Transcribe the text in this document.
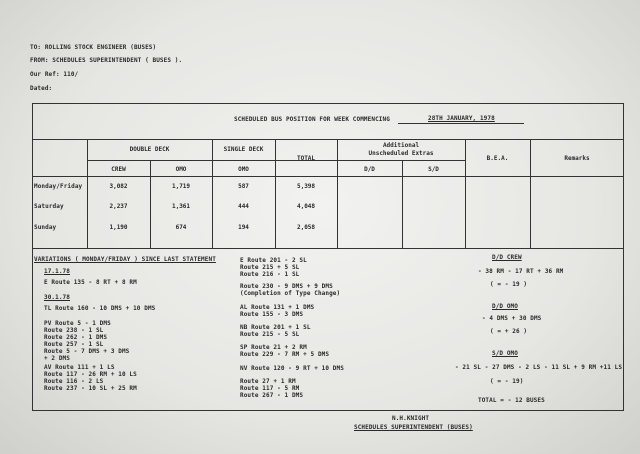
TO: ROLLING STOCK ENGINEER (BUSES)
FROM: SCHEDULES SUPERINTENDENT ( BUSES ).
Our Ref: 110/
Dated:
SCHEDULED BUS POSITION FOR WEEK COMMENCING	28TH JANUARY, 1978
DOUBLE DECK	SINGLE DECK
TOTAL
Additional
Unscheduled Extras
B.E.A.	Remarks
CREW	OMO	OMO	D/D	S/D
Monday/Friday	3,082	1,719	587	5,398
Saturday	2,237	1,361	444	4,048
Sunday	1,190	674	194	2,058
VARIATIONS ( MONDAY/FRIDAY ) SINCE LAST STATEMENT
17.1.78
E Route 135 - 8 RT + 8 RM
30.1.78
TL Route 160 - 10 DMS + 10 DMS
PV Route 5 - 1 DMS
Route 238 - 1 SL
Route 262 - 1 DMS
Route 257 - 1 SL
Route 5 - 7 DMS + 3 DMS
+ 2 DMS
AV Route 111 + 1 LS
Route 117 - 26 RM + 10 LS
Route 116 - 2 LS
Route 237 - 10 SL + 25 RM
E Route 201 - 2 SL
Route 215 + 5 SL
Route 216 - 1 SL
Route 230 - 9 DMS + 9 DMS
(Completion of Type Change)
AL Route 131 + 1 DMS
Route 155 - 3 DMS
NB Route 201 + 1 SL
Route 215 - 5 SL
SP Route 21 + 2 RM
Route 229 - 7 RM + 5 DMS
NV Route 120 - 9 RT + 10 DMS
Route 27 + 1 RM
Route 117 - 5 RM
Route 267 - 1 DMS
D/D CREW
- 38 RM - 17 RT + 36 RM
( = - 19 )
D/D OMO
- 4 DMS + 30 DMS
( = + 26 )
S/D OMO
- 21 SL - 27 DMS - 2 LS - 11 SL + 9 RM +11 LS
( = - 19)
TOTAL = - 12 BUSES
N.H.KNIGHT
SCHEDULES SUPERINTENDENT (BUSES)
